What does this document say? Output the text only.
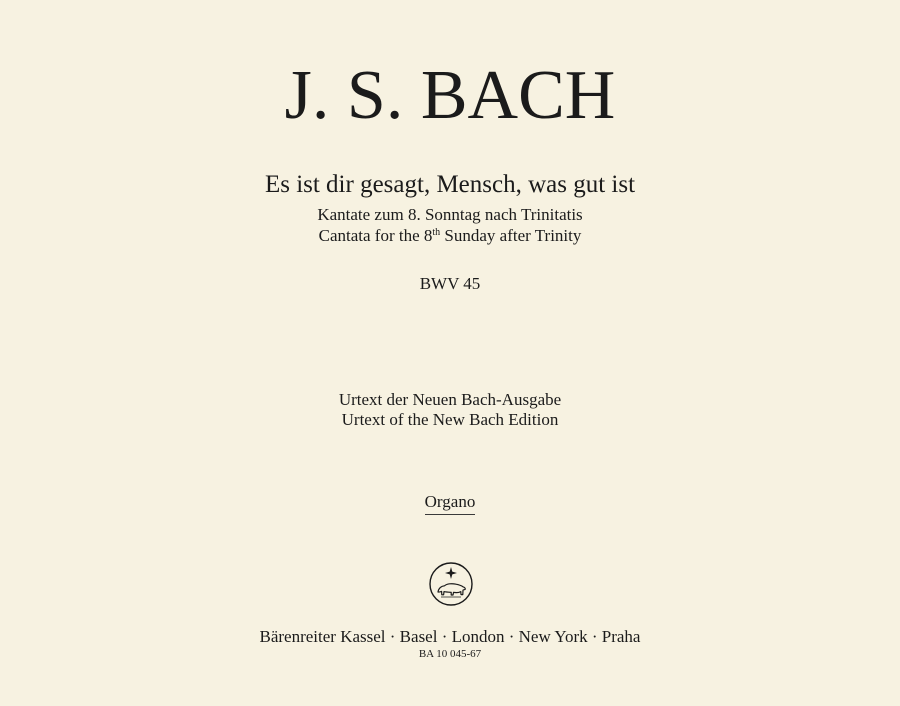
J. S. BACH
Es ist dir gesagt, Mensch, was gut ist
Kantate zum 8. Sonntag nach Trinitatis
Cantata for the 8th Sunday after Trinity
BWV 45
Urtext der Neuen Bach-Ausgabe
Urtext of the New Bach Edition
Organo
Bärenreiter Kassel · Basel · London · New York · Praha
BA 10 045-67
